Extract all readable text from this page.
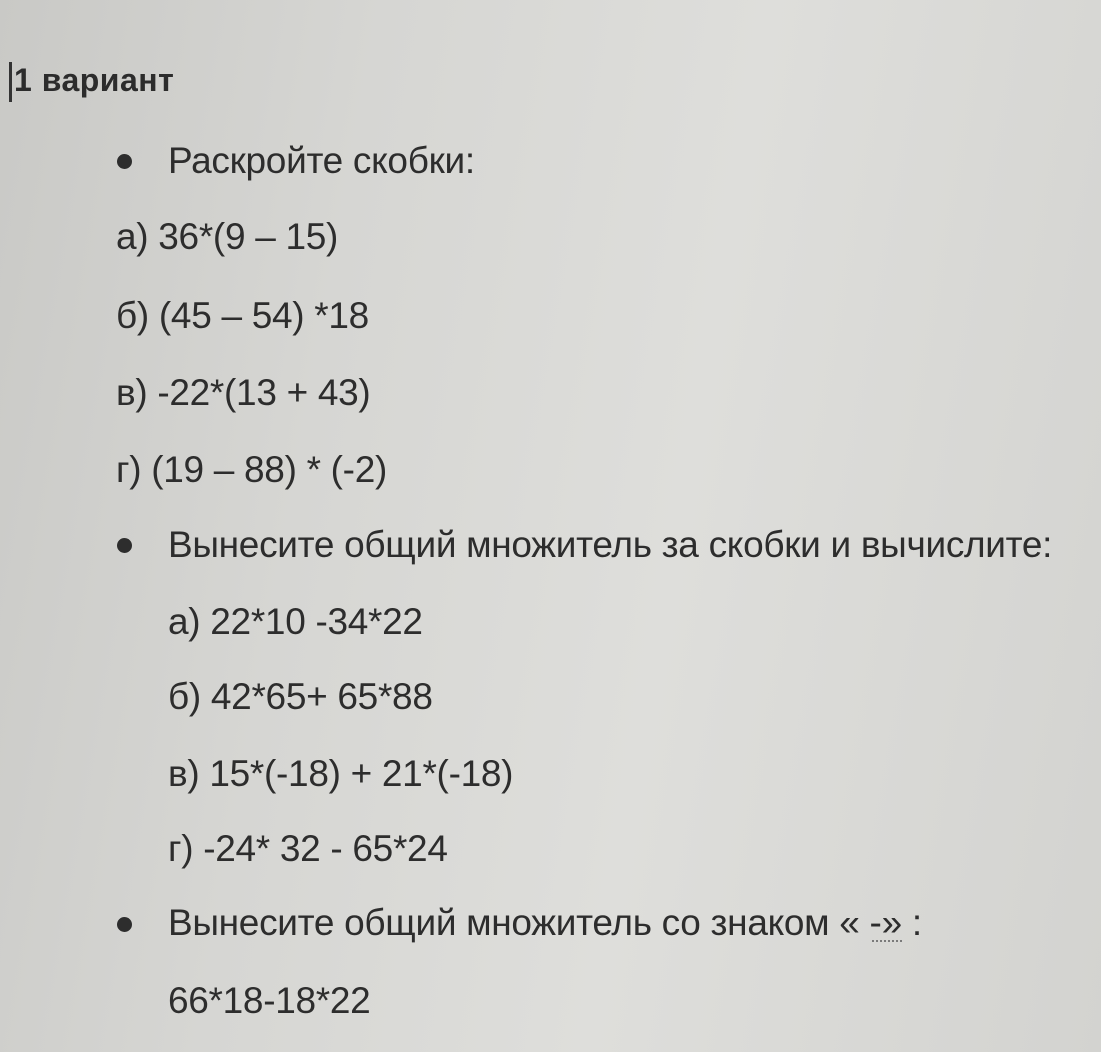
1 вариант
Раскройте скобки:
а) 36*(9 – 15)
б) (45 – 54) *18
в) -22*(13 + 43)
г) (19 – 88) * (-2)
Вынесите общий множитель за скобки и вычислите:
а) 22*10 -34*22
б) 42*65+ 65*88
в) 15*(-18) + 21*(-18)
г) -24* 32 - 65*24
Вынесите общий множитель со знаком « -» :
66*18-18*22
